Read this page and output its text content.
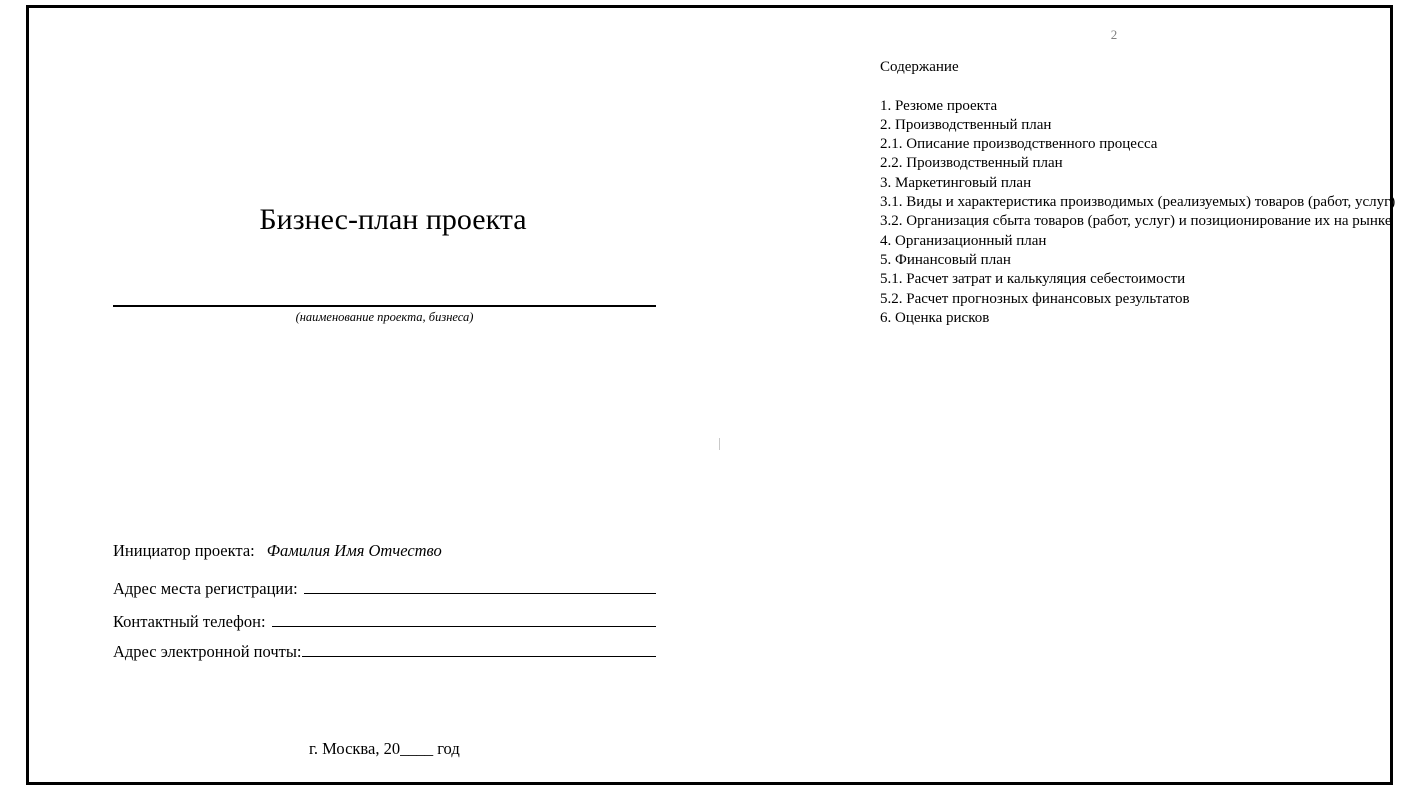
Бизнес-план проекта
(наименование проекта, бизнеса)
Инициатор проекта: Фамилия Имя Отчество
Адрес места регистрации:
Контактный телефон:
Адрес электронной почты:
г. Москва, 20____ год
2

Содержание

1. Резюме проекта

2. Производственный план

2.1. Описание производственного процесса

2.2. Производственный план

3. Маркетинговый план

3.1. Виды и характеристика производимых (реализуемых) товаров (работ, услуг)

3.2. Организация сбыта товаров (работ, услуг) и позиционирование их на рынке

4. Организационный план

5. Финансовый план

5.1. Расчет затрат и калькуляция себестоимости

5.2. Расчет прогнозных финансовых результатов

6. Оценка рисков
